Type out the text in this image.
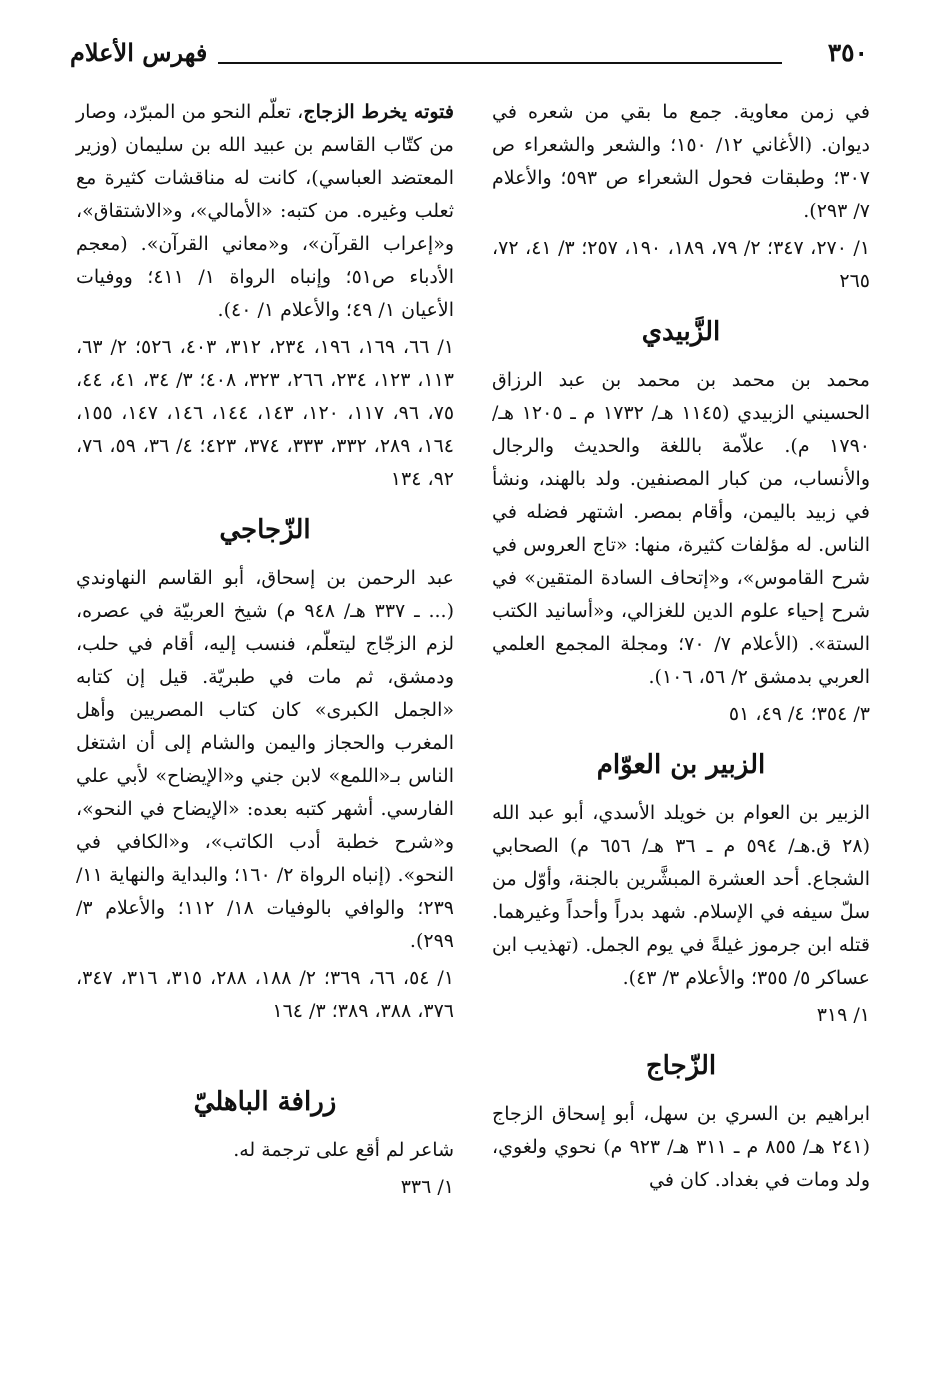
٣٥٠
فهرس الأعلام

في زمن معاوية. جمع ما بقي من شعره في ديوان. (الأغاني ١٢/ ١٥٠؛ والشعر والشعراء ص ٣٠٧؛ وطبقات فحول الشعراء ص ٥٩٣؛ والأعلام ٧/ ٢٩٣).

١/ ٢٧٠، ٣٤٧؛ ٢/ ٧٩، ١٨٩، ١٩٠، ٢٥٧؛ ٣/ ٤١، ٧٢، ٢٦٥

الزَّبيدي

محمد بن محمد بن محمد بن عبد الرزاق الحسيني الزبيدي (١١٤٥ هـ/ ١٧٣٢ م ـ ١٢٠٥ هـ/ ١٧٩٠ م). علاّمة باللغة والحديث والرجال والأنساب، من كبار المصنفين. ولد بالهند، ونشأ في زبيد باليمن، وأقام بمصر. اشتهر فضله في الناس. له مؤلفات كثيرة، منها: «تاج العروس في شرح القاموس»، و«إتحاف السادة المتقين» في شرح إحياء علوم الدين للغزالي، و«أسانيد الكتب الستة». (الأعلام ٧/ ٧٠؛ ومجلة المجمع العلمي العربي بدمشق ٢/ ٥٦، ١٠٦).

٣/ ٣٥٤؛ ٤/ ٤٩، ٥١

الزبير بن العوّام

الزبير بن العوام بن خويلد الأسدي، أبو عبد الله (٢٨ ق.هـ/ ٥٩٤ م ـ ٣٦ هـ/ ٦٥٦ م) الصحابي الشجاع. أحد العشرة المبشَّرين بالجنة، وأوّل من سلّ سيفه في الإسلام. شهد بدراً وأحداً وغيرهما. قتله ابن جرموز غيلةً في يوم الجمل. (تهذيب ابن عساكر ٥/ ٣٥٥؛ والأعلام ٣/ ٤٣).

١/ ٣١٩

الزّجاج

ابراهيم بن السري بن سهل، أبو إسحاق الزجاج (٢٤١ هـ/ ٨٥٥ م ـ ٣١١ هـ/ ٩٢٣ م) نحوي ولغوي، ولد ومات في بغداد. كان في

فتوته يخرط الزجاج، تعلّم النحو من المبرّد، وصار من كتّاب القاسم بن عبيد الله بن سليمان (وزير المعتضد العباسي)، كانت له مناقشات كثيرة مع ثعلب وغيره. من كتبه: «الأمالي»، و«الاشتقاق»، و«إعراب القرآن»، و«معاني القرآن». (معجم الأدباء ص٥١؛ وإنباه الرواة ١/ ٤١١؛ ووفيات الأعيان ١/ ٤٩؛ والأعلام ١/ ٤٠).

١/ ٦٦، ١٦٩، ١٩٦، ٢٣٤، ٣١٢، ٤٠٣، ٥٢٦؛ ٢/ ٦٣، ١١٣، ١٢٣، ٢٣٤، ٢٦٦، ٣٢٣، ٤٠٨؛ ٣/ ٣٤، ٤١، ٤٤، ٧٥، ٩٦، ١١٧، ١٢٠، ١٤٣، ١٤٤، ١٤٦، ١٤٧، ١٥٥، ١٦٤، ٢٨٩، ٣٣٢، ٣٣٣، ٣٧٤، ٤٢٣؛ ٤/ ٣٦، ٥٩، ٧٦، ٩٢، ١٣٤

الزّجاجي

عبد الرحمن بن إسحاق، أبو القاسم النهاوندي (... ـ ٣٣٧ هـ/ ٩٤٨ م) شيخ العربيّة في عصره، لزم الزجّاج ليتعلّم، فنسب إليه، أقام في حلب، ودمشق، ثم مات في طبريّة. قيل إن كتابه «الجمل الكبرى» كان كتاب المصريين وأهل المغرب والحجاز واليمن والشام إلى أن اشتغل الناس بـ«اللمع» لابن جني و«الإيضاح» لأبي علي الفارسي. أشهر كتبه بعده: «الإيضاح في النحو»، و«شرح خطبة أدب الكاتب»، و«الكافي في النحو». (إنباه الرواة ٢/ ١٦٠؛ والبداية والنهاية ١١/ ٢٣٩؛ والوافي بالوفيات ١٨/ ١١٢؛ والأعلام ٣/ ٢٩٩).

١/ ٥٤، ٦٦، ٣٦٩؛ ٢/ ١٨٨، ٢٨٨، ٣١٥، ٣١٦، ٣٤٧، ٣٧٦، ٣٨٨، ٣٨٩؛ ٣/ ١٦٤

زرافة الباهليّ

شاعر لم أقع على ترجمة له.

١/ ٣٣٦
